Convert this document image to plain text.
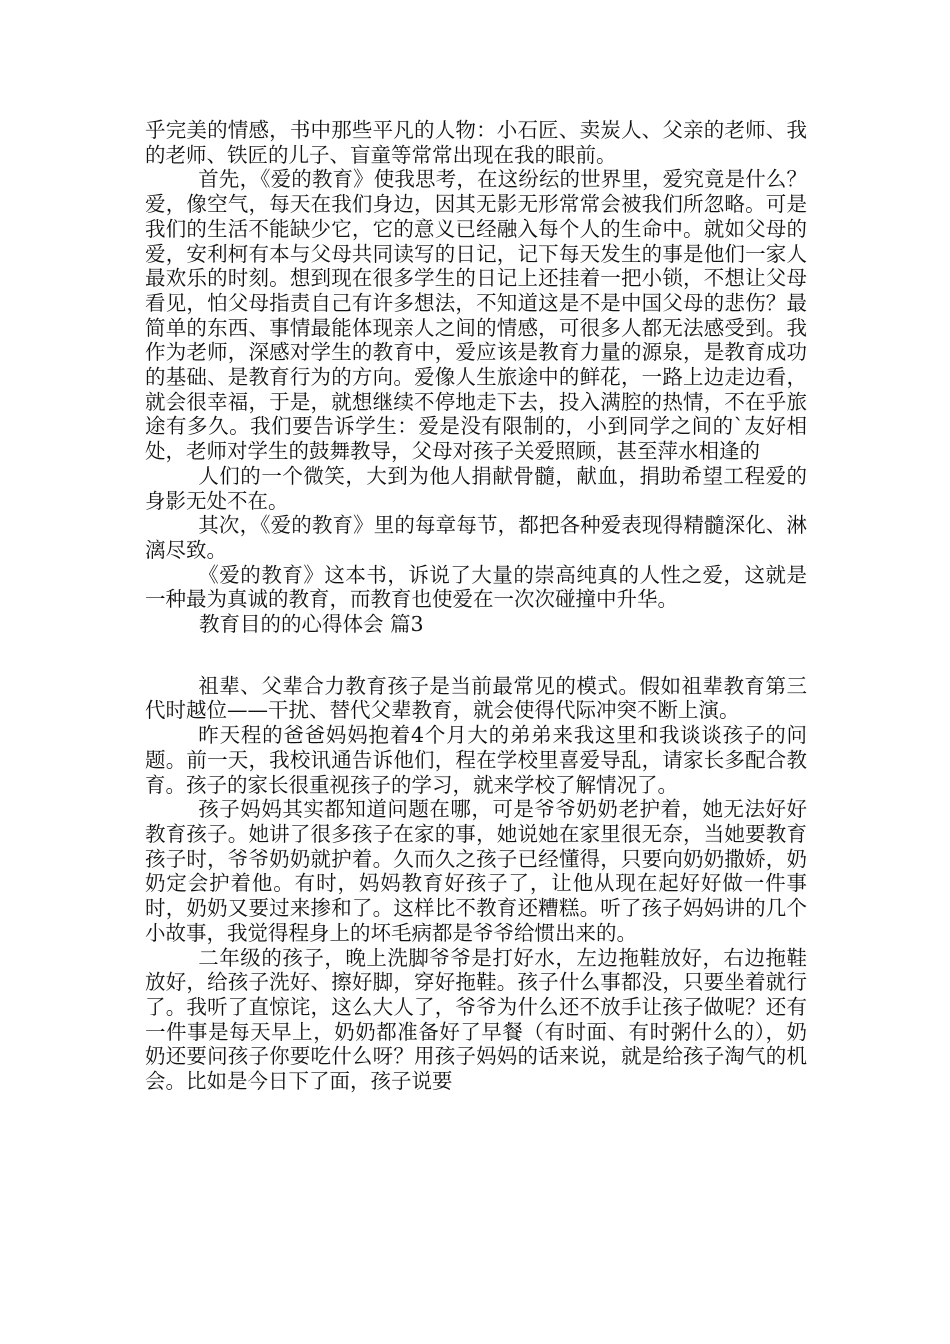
乎完美的情感，书中那些平凡的人物：小石匠、卖炭人、父亲的老师、我的老师、铁匠的儿子、盲童等常常出现在我的眼前。

首先，《爱的教育》使我思考，在这纷纭的世界里，爱究竟是什么？爱，像空气，每天在我们身边，因其无影无形常常会被我们所忽略。可是我们的生活不能缺少它，它的意义已经融入每个人的生命中。就如父母的爱，安利柯有本与父母共同读写的日记，记下每天发生的事是他们一家人最欢乐的时刻。想到现在很多学生的日记上还挂着一把小锁，不想让父母看见，怕父母指责自己有许多想法，不知道这是不是中国父母的悲伤？最简单的东西、事情最能体现亲人之间的情感，可很多人都无法感受到。我作为老师，深感对学生的教育中，爱应该是教育力量的源泉，是教育成功的基础、是教育行为的方向。爱像人生旅途中的鲜花，一路上边走边看，就会很幸福，于是，就想继续不停地走下去，投入满腔的热情，不在乎旅途有多久。我们要告诉学生：爱是没有限制的，小到同学之间的`友好相处，老师对学生的鼓舞教导，父母对孩子关爱照顾，甚至萍水相逢的

人们的一个微笑，大到为他人捐献骨髓，献血，捐助希望工程爱的身影无处不在。

其次，《爱的教育》里的每章每节，都把各种爱表现得精髓深化、淋漓尽致。

《爱的教育》这本书，诉说了大量的崇高纯真的人性之爱，这就是一种最为真诚的教育，而教育也使爱在一次次碰撞中升华。

教育目的的心得体会 篇3

祖辈、父辈合力教育孩子是当前最常见的模式。假如祖辈教育第三代时越位——干扰、替代父辈教育，就会使得代际冲突不断上演。

昨天程的爸爸妈妈抱着4个月大的弟弟来我这里和我谈谈孩子的问题。前一天，我校讯通告诉他们，程在学校里喜爱导乱，请家长多配合教育。孩子的家长很重视孩子的学习，就来学校了解情况了。

孩子妈妈其实都知道问题在哪，可是爷爷奶奶老护着，她无法好好教育孩子。她讲了很多孩子在家的事，她说她在家里很无奈，当她要教育孩子时，爷爷奶奶就护着。久而久之孩子已经懂得，只要向奶奶撒娇，奶奶定会护着他。有时，妈妈教育好孩子了，让他从现在起好好做一件事时，奶奶又要过来掺和了。这样比不教育还糟糕。听了孩子妈妈讲的几个小故事，我觉得程身上的坏毛病都是爷爷给惯出来的。

二年级的孩子，晚上洗脚爷爷是打好水，左边拖鞋放好，右边拖鞋放好，给孩子洗好、擦好脚，穿好拖鞋。孩子什么事都没，只要坐着就行了。我听了直惊诧，这么大人了，爷爷为什么还不放手让孩子做呢？还有一件事是每天早上，奶奶都准备好了早餐（有时面、有时粥什么的），奶奶还要问孩子你要吃什么呀？用孩子妈妈的话来说，就是给孩子淘气的机会。比如是今日下了面，孩子说要
